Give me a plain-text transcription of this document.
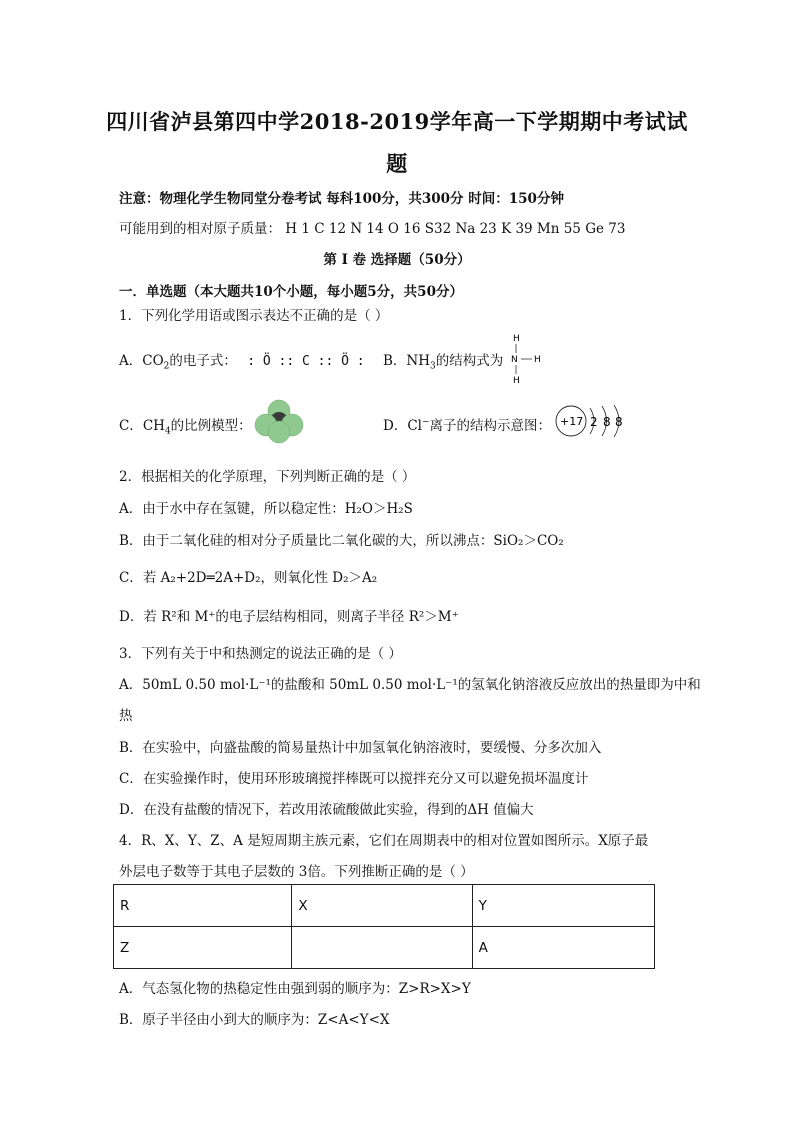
四川省泸县第四中学2018-2019学年高一下学期期中考试试
题
注意：物理化学生物同堂分卷考试 每科100分，共300分 时间：150分钟
可能用到的相对原子质量： H 1 C 12 N 14 O 16 S32 Na 23 K 39 Mn 55 Ge 73
第 I 卷 选择题（50分）
一．单选题（本大题共10个小题，每小题5分，共50分）
1．下列化学用语或图示表达不正确的是（ ）
A．$CO_2$的电子式： : Ö :: C :: Ö : B．$NH_3$的结构式为
H
N H
H
C．$CH_4$的比例模型：	D．Cl−离子的结构示意图： +17 2 8 8
2．根据相关的化学原理，下列判断正确的是（ ）
A．由于水中存在氢键，所以稳定性：H₂O＞H₂S
B．由于二氧化硅的相对分子质量比二氧化碳的大，所以沸点：SiO₂＞CO₂
C．若 A₂+2D═2A+D₂，则氧化性 D₂＞A₂
D．若 R²和 M⁺的电子层结构相同，则离子半径 R²＞M⁺
3．下列有关于中和热测定的说法正确的是（ ）
A．50mL 0.50 mol·L⁻¹的盐酸和 50mL 0.50 mol·L⁻¹的氢氧化钠溶液反应放出的热量即为中和
热
B．在实验中，向盛盐酸的简易量热计中加氢氧化钠溶液时，要缓慢、分多次加入
C．在实验操作时，使用环形玻璃搅拌棒既可以搅拌充分又可以避免损坏温度计
D．在没有盐酸的情况下，若改用浓硫酸做此实验，得到的ΔH 值偏大
4．R、X、Y、Z、A 是短周期主族元素，它们在周期表中的相对位置如图所示。X原子最
外层电子数等于其电子层数的 3倍。下列推断正确的是（ ）
R	X	Y
Z		A
A．气态氢化物的热稳定性由强到弱的顺序为：Z>R>X>Y
B．原子半径由小到大的顺序为：Z<A<Y<X
